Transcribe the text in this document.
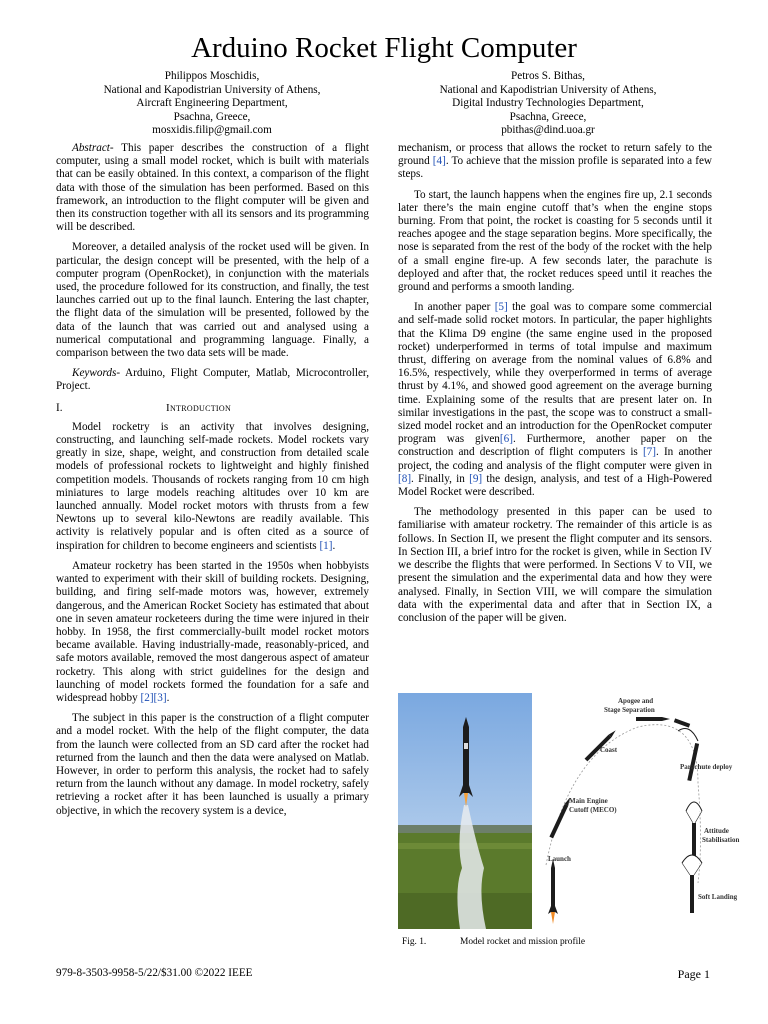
Arduino Rocket Flight Computer
Philippos Moschidis,
National and Kapodistrian University of Athens,
Aircraft Engineering Department,
Psachna, Greece,
mosxidis.filip@gmail.com
Petros S. Bithas,
National and Kapodistrian University of Athens,
Digital Industry Technologies Department,
Psachna, Greece,
pbithas@dind.uoa.gr

Abstract- This paper describes the construction of a flight computer, using a small model rocket, which is built with materials that can be easily obtained. In this context, a comparison of the flight data with those of the simulation has been performed. Based on this framework, an introduction to the flight computer will be given and then its construction together with all its sensors and its programming will be described.

Moreover, a detailed analysis of the rocket used will be given. In particular, the design concept will be presented, with the help of a computer program (OpenRocket), in conjunction with the materials used, the procedure followed for its construction, and finally, the test launches carried out up to the final launch. Entering the last chapter, the flight data of the simulation will be presented, followed by the data of the launch that was carried out and analysed using a numerical computational and programming language. Finally, a comparison between the two data sets will be made.

Keywords- Arduino, Flight Computer, Matlab, Microcontroller, Project.

I.	Introduction

Model rocketry is an activity that involves designing, constructing, and launching self-made rockets. Model rockets vary greatly in size, shape, weight, and construction from detailed scale models of professional rockets to lightweight and highly finished competition models. Thousands of rockets ranging from 10 cm high miniatures to large models reaching altitudes over 10 km are launched annually. Model rocket motors with thrusts from a few Newtons up to several kilo-Newtons are readily available. This activity is relatively popular and is often cited as a source of inspiration for children to become engineers and scientists [1].

Amateur rocketry has been started in the 1950s when hobbyists wanted to experiment with their skill of building rockets. Designing, building, and firing self-made motors was, however, extremely dangerous, and the American Rocket Society has estimated that about one in seven amateur rocketeers during the time were injured in their hobby. In 1958, the first commercially-built model rocket motors became available. Having industrially-made, reasonably-priced, and safe motors available, removed the most dangerous aspect of amateur rocketry. This along with strict guidelines for the design and launching of model rockets formed the foundation for a safe and widespread hobby [2][3].

The subject in this paper is the construction of a flight computer and a model rocket. With the help of the flight computer, the data from the launch were collected from an SD card after the rocket had returned from the launch and then the data were analysed on Matlab. However, in order to perform this analysis, the rocket had to safely return from the launch without any damage. In model rocketry, safely retrieving a rocket after it has been launched is usually a primary objective, in which the recovery system is a device,

mechanism, or process that allows the rocket to return safely to the ground [4]. To achieve that the mission profile is separated into a few steps.

To start, the launch happens when the engines fire up, 2.1 seconds later there’s the main engine cutoff that’s when the engine stops burning. From that point, the rocket is coasting for 5 seconds until it reaches apogee and the stage separation begins. More specifically, the nose is separated from the rest of the body of the rocket with the help of a small engine fire-up. A few seconds later, the parachute is deployed and after that, the rocket reduces speed until it reaches the ground and performs a smooth landing.

In another paper [5] the goal was to compare some commercial and self-made solid rocket motors. In particular, the paper highlights that the Klima D9 engine (the same engine used in the proposed rocket) underperformed in terms of total impulse and maximum thrust, differing on average from the nominal values of 6.8% and 16.5%, respectively, while they overperformed in terms of average thrust by 4.1%, and showed good agreement on the average burning time. Explaining some of the results that are present later on. In similar investigations in the past, the scope was to construct a small-sized model rocket and an introduction for the OpenRocket computer program was given[6]. Furthermore, another paper on the construction and description of flight computers is [7]. In another project, the coding and analysis of the flight computer were given in [8]. Finally, in [9] the design, analysis, and test of a High-Powered Model Rocket were described.

The methodology presented in this paper can be used to familiarise with amateur rocketry. The remainder of this article is as follows. In Section II, we present the flight computer and its sensors. In Section III, a brief intro for the rocket is given, while in Section IV we describe the flights that were performed. In Sections V to VII, we present the simulation and the experimental data and how they were analysed. Finally, in Section VIII, we will compare the simulation data with the experimental data and after that in Section IX, a conclusion of the paper will be given.

Apogee and
Stage Separation
Coast
Parachute deploy
Main Engine
Cutoff (MECO)
Attitude
Stabilisation
Launch
Soft Landing
Fig. 1.	Model rocket and mission profile
979-8-3503-9958-5/22/$31.00 ©2022 IEEE	Page 1
